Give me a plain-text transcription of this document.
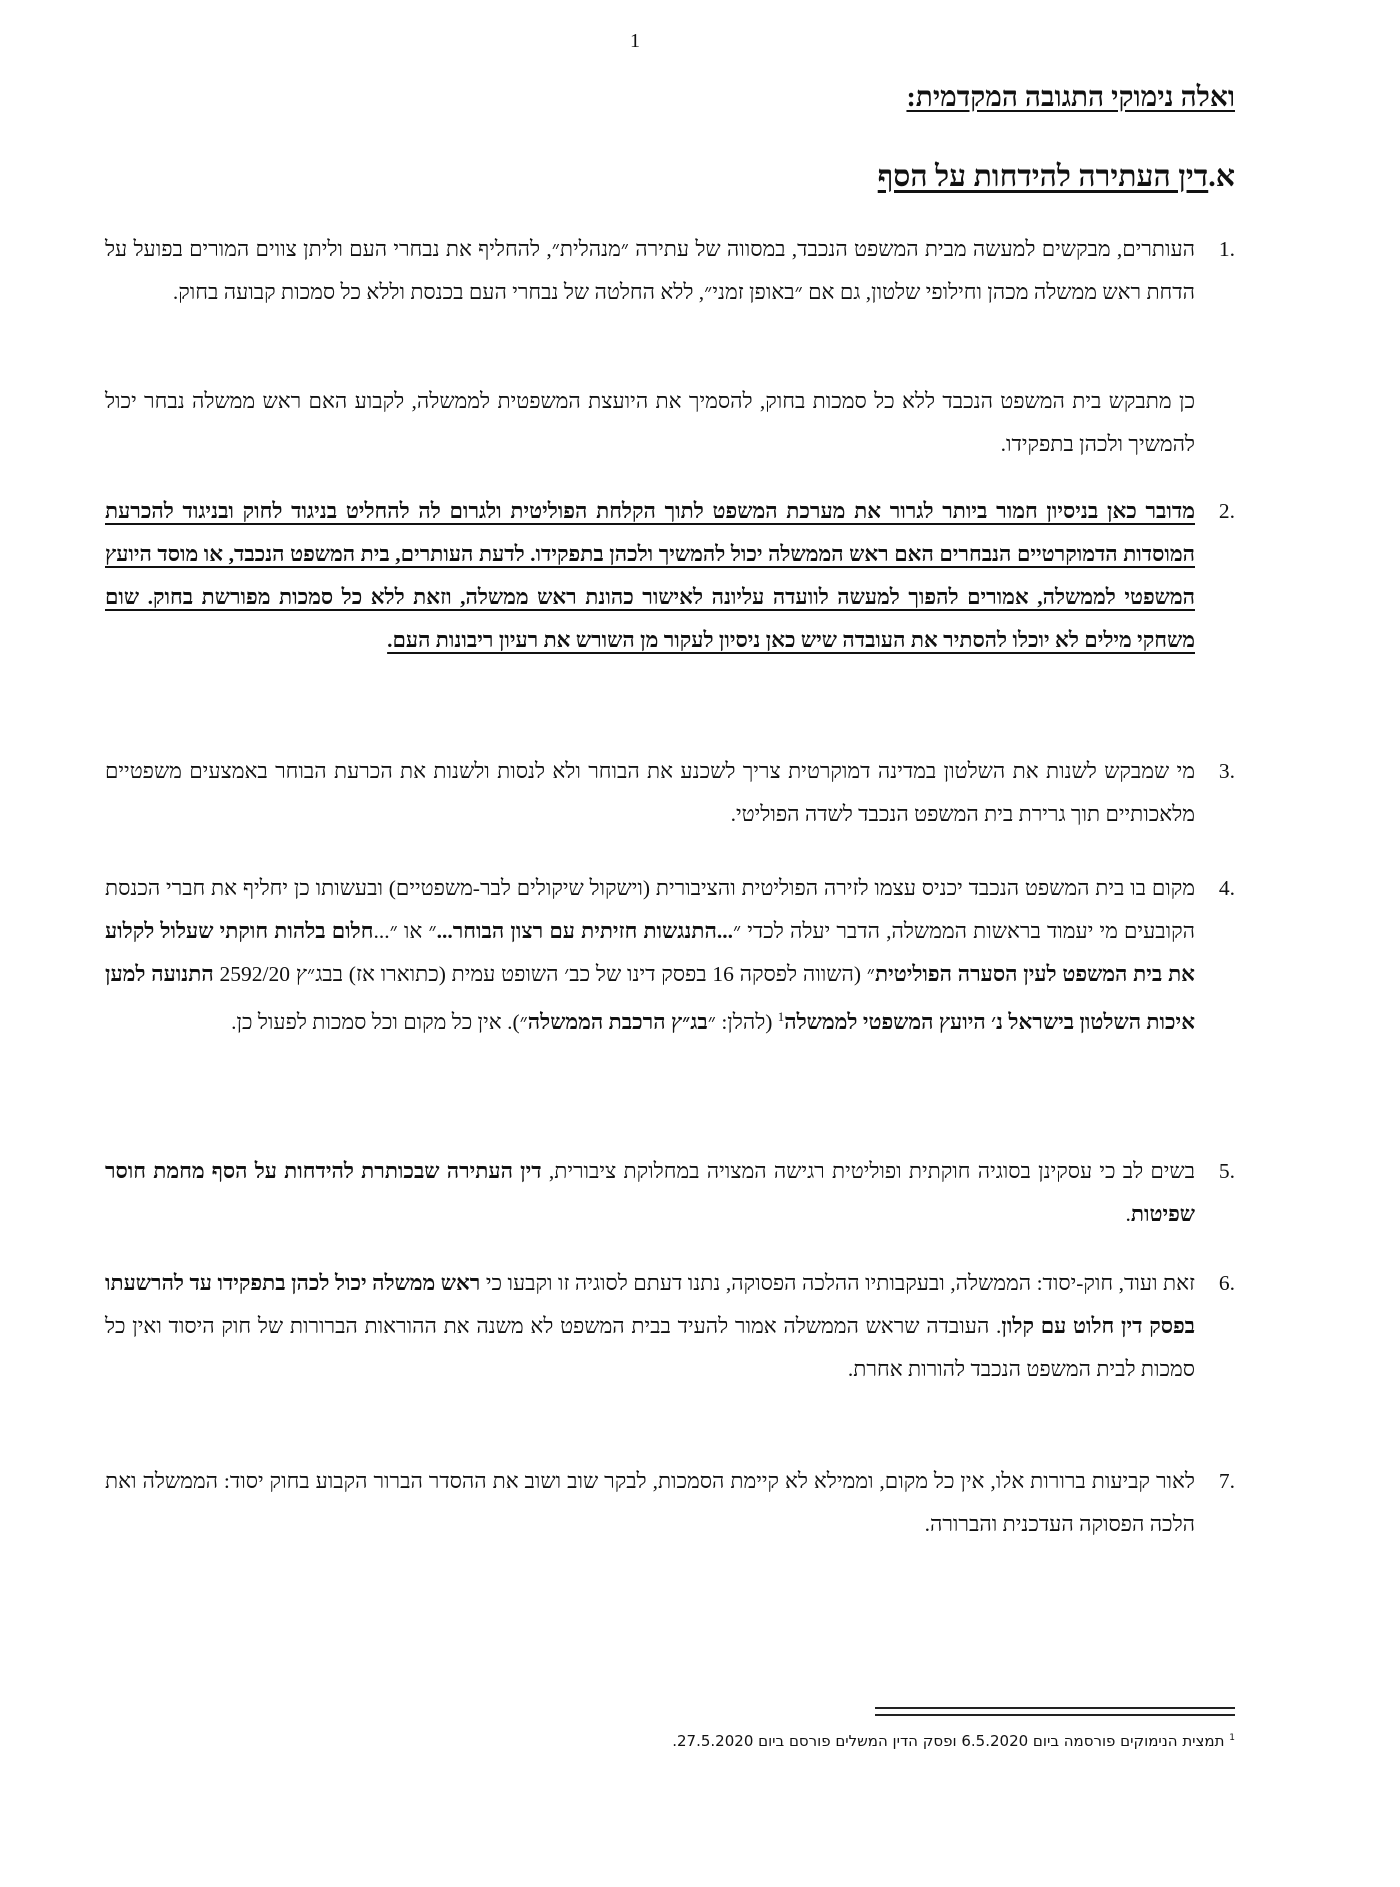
1
ואלה נימוקי התגובה המקדמית:
א.דין העתירה להידחות על הסף
1.
העותרים, מבקשים למעשה מבית המשפט הנכבד, במסווה של עתירה ״מנהלית״, להחליף את נבחרי העם וליתן צווים המורים בפועל על הדחת ראש ממשלה מכהן וחילופי שלטון, גם אם ״באופן זמני״, ללא החלטה של נבחרי העם בכנסת וללא כל סמכות קבועה בחוק.
כן מתבקש בית המשפט הנכבד ללא כל סמכות בחוק, להסמיך את היועצת המשפטית לממשלה, לקבוע האם ראש ממשלה נבחר יכול להמשיך ולכהן בתפקידו.
2.
מדובר כאן בניסיון חמור ביותר לגרור את מערכת המשפט לתוך הקלחת הפוליטית ולגרום לה להחליט בניגוד לחוק ובניגוד להכרעת המוסדות הדמוקרטיים הנבחרים האם ראש הממשלה יכול להמשיך ולכהן בתפקידו. לדעת העותרים, בית המשפט הנכבד, או מוסד היועץ המשפטי לממשלה, אמורים להפוך למעשה לוועדה עליונה לאישור כהונת ראש ממשלה, וזאת ללא כל סמכות מפורשת בחוק. שום משחקי מילים לא יוכלו להסתיר את העובדה שיש כאן ניסיון לעקור מן השורש את רעיון ריבונות העם.
3.
מי שמבקש לשנות את השלטון במדינה דמוקרטית צריך לשכנע את הבוחר ולא לנסות ולשנות את הכרעת הבוחר באמצעים משפטיים מלאכותיים תוך גרירת בית המשפט הנכבד לשדה הפוליטי.
4.
מקום בו בית המשפט הנכבד יכניס עצמו לזירה הפוליטית והציבורית (וישקול שיקולים לבר-משפטיים) ובעשותו כן יחליף את חברי הכנסת הקובעים מי יעמוד בראשות הממשלה, הדבר יעלה לכדי ״...התנגשות חזיתית עם רצון הבוחר...״ או ״...חלום בלהות חוקתי שעלול לקלוע את בית המשפט לעין הסערה הפוליטית״ (השווה לפסקה 16 בפסק דינו של כב׳ השופט עמית (כתוארו אז) בבג״ץ 2592/20 התנועה למען איכות השלטון בישראל נ׳ היועץ המשפטי לממשלה$^1$ (להלן: ״בג״ץ הרכבת הממשלה״). אין כל מקום וכל סמכות לפעול כן.
5.
בשים לב כי עסקינן בסוגיה חוקתית ופוליטית רגישה המצויה במחלוקת ציבורית, דין העתירה שבכותרת להידחות על הסף מחמת חוסר שפיטות.
6.
זאת ועוד, חוק-יסוד: הממשלה, ובעקבותיו ההלכה הפסוקה, נתנו דעתם לסוגיה זו וקבעו כי ראש ממשלה יכול לכהן בתפקידו עד להרשעתו בפסק דין חלוט עם קלון. העובדה שראש הממשלה אמור להעיד בבית המשפט לא משנה את ההוראות הברורות של חוק היסוד ואין כל סמכות לבית המשפט הנכבד להורות אחרת.
7.
לאור קביעות ברורות אלו, אין כל מקום, וממילא לא קיימת הסמכות, לבקר שוב ושוב את ההסדר הברור הקבוע בחוק יסוד: הממשלה ואת הלכה הפסוקה העדכנית והברורה.
$^1$ תמצית הנימוקים פורסמה ביום 6.5.2020 ופסק הדין המשלים פורסם ביום 27.5.2020.
